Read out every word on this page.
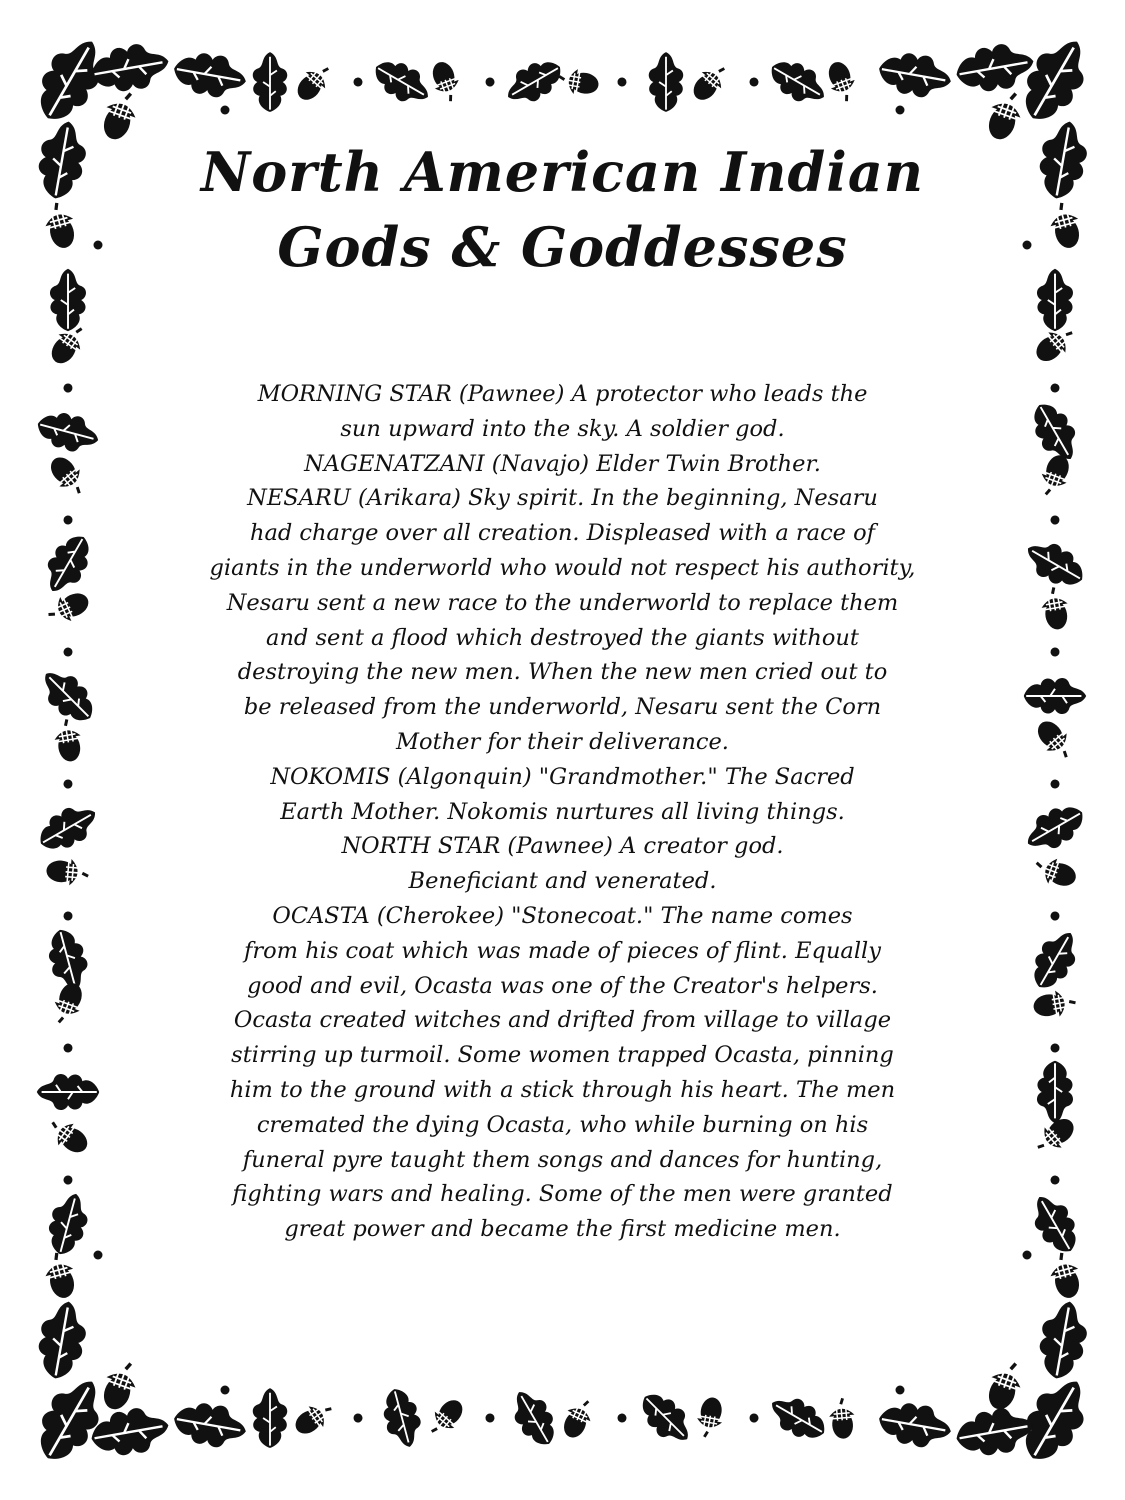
North American Indian
Gods & Goddesses
MORNING STAR (Pawnee) A protector who leads the
sun upward into the sky. A soldier god.
NAGENATZANI (Navajo) Elder Twin Brother.
NESARU (Arikara) Sky spirit. In the beginning, Nesaru
had charge over all creation. Displeased with a race of
giants in the underworld who would not respect his authority,
Nesaru sent a new race to the underworld to replace them
and sent a flood which destroyed the giants without
destroying the new men. When the new men cried out to
be released from the underworld, Nesaru sent the Corn
Mother for their deliverance.
NOKOMIS (Algonquin) "Grandmother." The Sacred
Earth Mother. Nokomis nurtures all living things.
NORTH STAR (Pawnee) A creator god.
Beneficiant and venerated.
OCASTA (Cherokee) "Stonecoat." The name comes
from his coat which was made of pieces of flint. Equally
good and evil, Ocasta was one of the Creator's helpers.
Ocasta created witches and drifted from village to village
stirring up turmoil. Some women trapped Ocasta, pinning
him to the ground with a stick through his heart. The men
cremated the dying Ocasta, who while burning on his
funeral pyre taught them songs and dances for hunting,
fighting wars and healing. Some of the men were granted
great power and became the first medicine men.
